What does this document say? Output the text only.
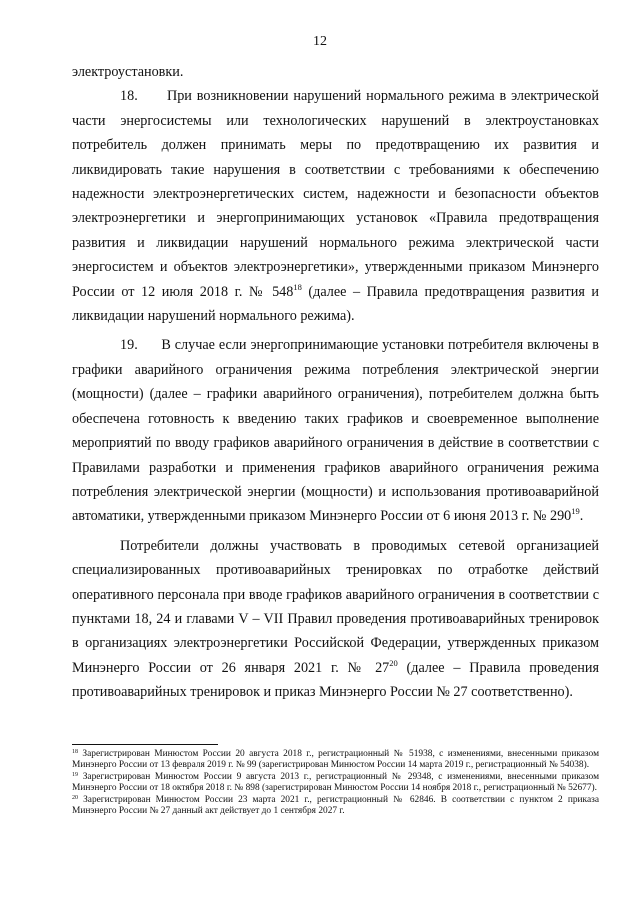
12

электроустановки.

18. При возникновении нарушений нормального режима в электрической части энергосистемы или технологических нарушений в электроустановках потребитель должен принимать меры по предотвращению их развития и ликвидировать такие нарушения в соответствии с требованиями к обеспечению надежности электроэнергетических систем, надежности и безопасности объектов электроэнергетики и энергопринимающих установок «Правила предотвращения развития и ликвидации нарушений нормального режима электрической части энергосистем и объектов электроэнергетики», утвержденными приказом Минэнерго России от 12 июля 2018 г. № $548^{18}$ (далее – Правила предотвращения развития и ликвидации нарушений нормального режима).

19. В случае если энергопринимающие установки потребителя включены в графики аварийного ограничения режима потребления электрической энергии (мощности) (далее – графики аварийного ограничения), потребителем должна быть обеспечена готовность к введению таких графиков и своевременное выполнение мероприятий по вводу графиков аварийного ограничения в действие в соответствии с Правилами разработки и применения графиков аварийного ограничения режима потребления электрической энергии (мощности) и использования противоаварийной автоматики, утвержденными приказом Минэнерго России от 6 июня 2013 г. № $290^{19}$.

Потребители должны участвовать в проводимых сетевой организацией специализированных противоаварийных тренировках по отработке действий оперативного персонала при вводе графиков аварийного ограничения в соответствии с пунктами 18, 24 и главами V – VII Правил проведения противоаварийных тренировок в организациях электроэнергетики Российской Федерации, утвержденных приказом Минэнерго России от 26 января 2021 г. № $27^{20}$ (далее – Правила проведения противоаварийных тренировок и приказ Минэнерго России № 27 соответственно).

$^{18}$ Зарегистрирован Минюстом России 20 августа 2018 г., регистрационный № 51938, с изменениями, внесенными приказом Минэнерго России от 13 февраля 2019 г. № 99 (зарегистрирован Минюстом России 14 марта 2019 г., регистрационный № 54038).

$^{19}$ Зарегистрирован Минюстом России 9 августа 2013 г., регистрационный № 29348, с изменениями, внесенными приказом Минэнерго России от 18 октября 2018 г. № 898 (зарегистрирован Минюстом России 14 ноября 2018 г., регистрационный № 52677).

$^{20}$ Зарегистрирован Минюстом России 23 марта 2021 г., регистрационный № 62846. В соответствии с пунктом 2 приказа Минэнерго России № 27 данный акт действует до 1 сентября 2027 г.
